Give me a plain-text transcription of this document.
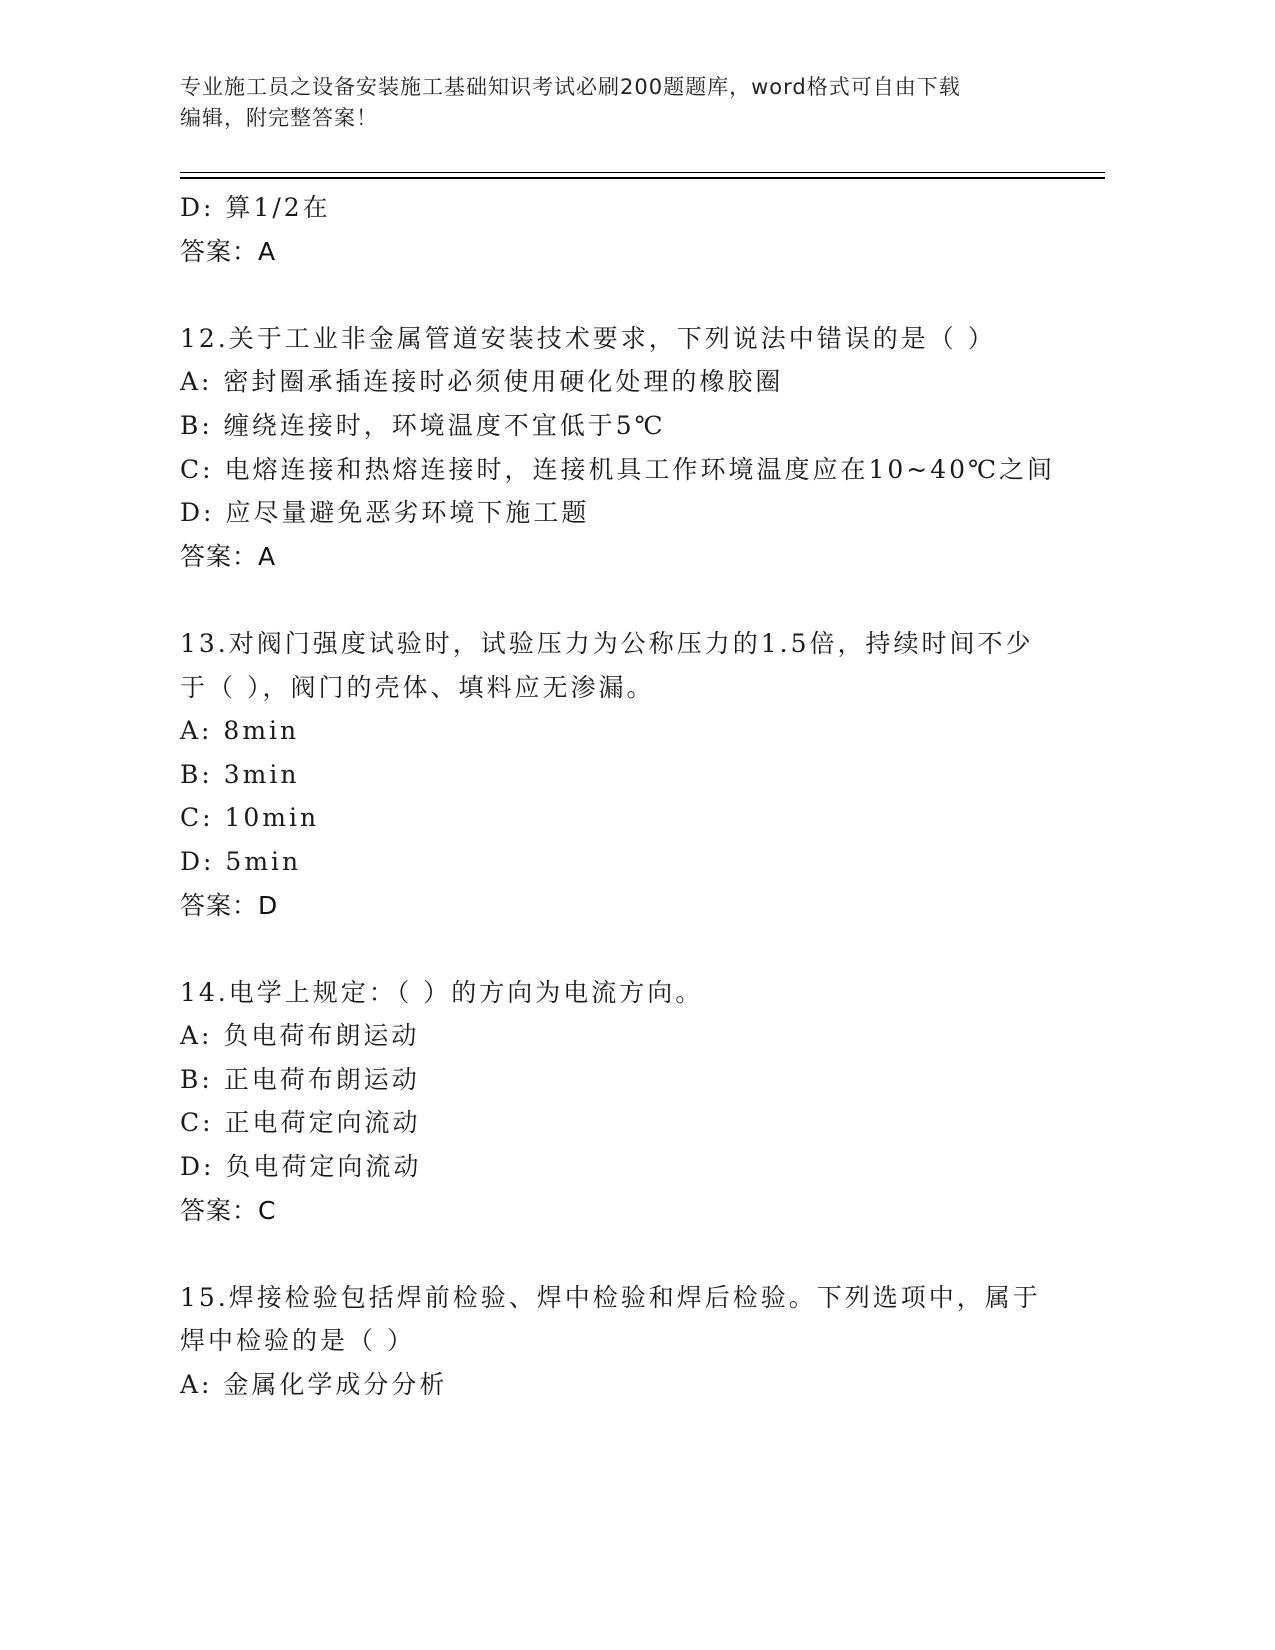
专业施工员之设备安装施工基础知识考试必刷200题题库，word格式可自由下载
编辑，附完整答案！
D: 算1/2在
答案：A
12.关于工业非金属管道安装技术要求，下列说法中错误的是（ ）
A: 密封圈承插连接时必须使用硬化处理的橡胶圈
B: 缠绕连接时，环境温度不宜低于5℃
C: 电熔连接和热熔连接时，连接机具工作环境温度应在10~40℃之间
D: 应尽量避免恶劣环境下施工题
答案：A
13.对阀门强度试验时，试验压力为公称压力的1.5倍，持续时间不少
于（ ），阀门的壳体、填料应无渗漏。
A: 8min
B: 3min
C: 10min
D: 5min
答案：D
14.电学上规定：（ ）的方向为电流方向。
A: 负电荷布朗运动
B: 正电荷布朗运动
C: 正电荷定向流动
D: 负电荷定向流动
答案：C
15.焊接检验包括焊前检验、焊中检验和焊后检验。下列选项中，属于
焊中检验的是（ ）
A: 金属化学成分分析
